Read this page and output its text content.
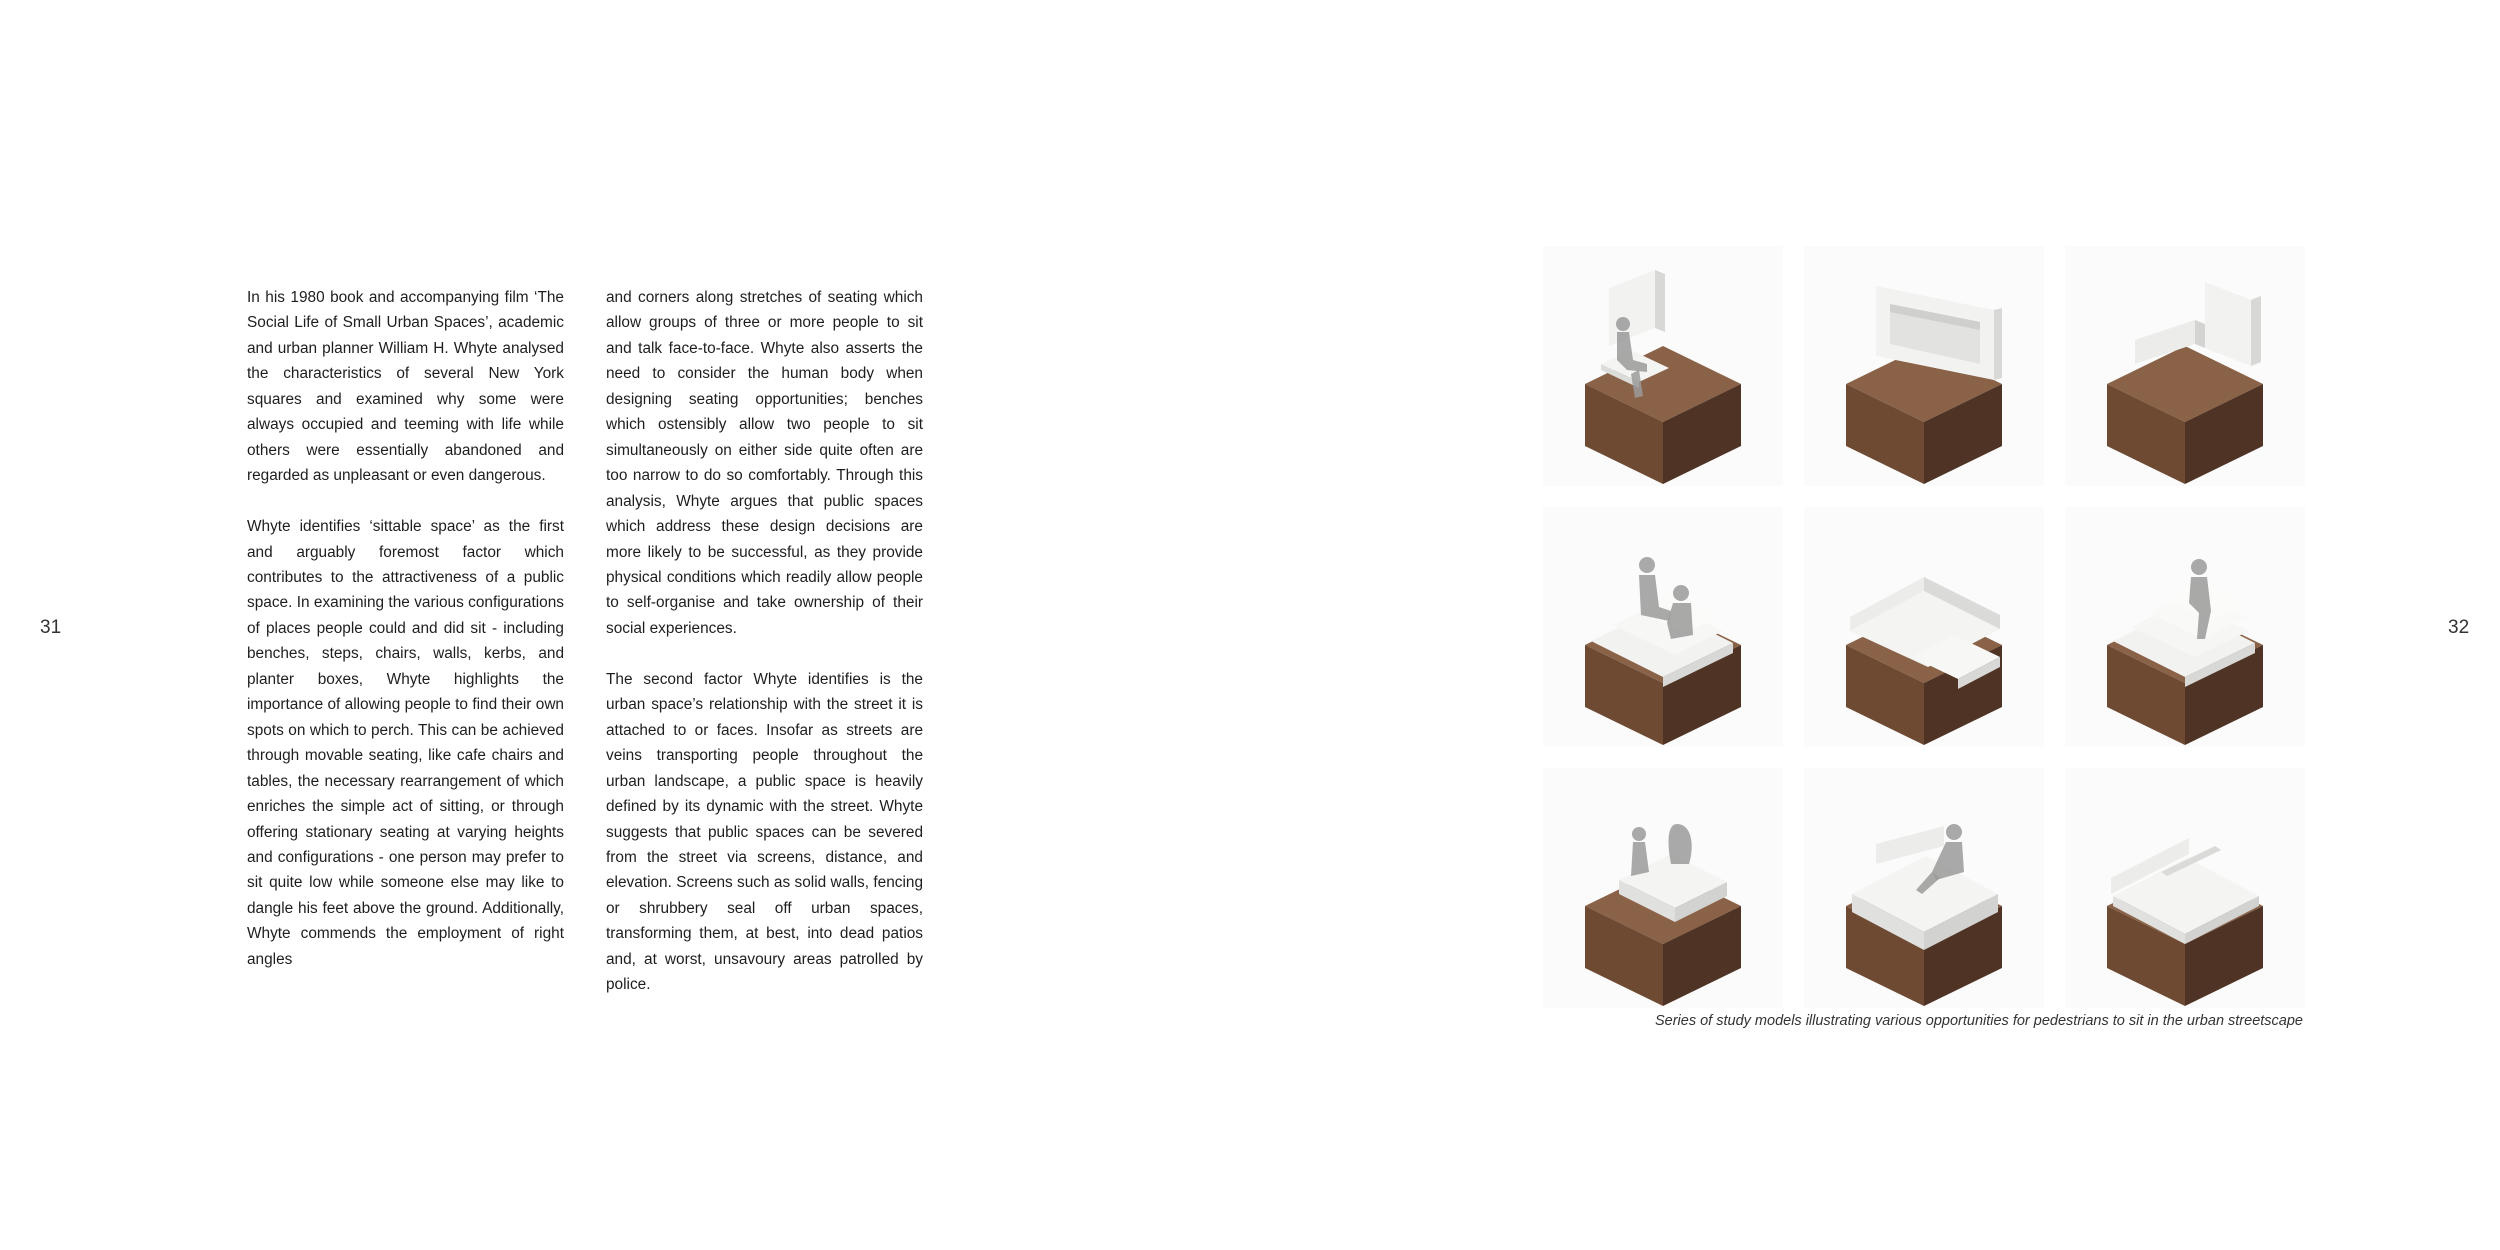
31	32

In his 1980 book and accompanying film ‘The Social Life of Small Urban Spaces’, academic and urban planner William H. Whyte analysed the characteristics of several New York squares and examined why some were always occupied and teeming with life while others were essentially abandoned and regarded as unpleasant or even dangerous.

Whyte identifies ‘sittable space’ as the first and arguably foremost factor which contributes to the attractiveness of a public space. In examining the various configurations of places people could and did sit - including benches, steps, chairs, walls, kerbs, and planter boxes, Whyte highlights the importance of allowing people to find their own spots on which to perch. This can be achieved through movable seating, like cafe chairs and tables, the necessary rearrangement of which enriches the simple act of sitting, or through offering stationary seating at varying heights and configurations - one person may prefer to sit quite low while someone else may like to dangle his feet above the ground. Additionally, Whyte commends the employment of right angles

and corners along stretches of seating which allow groups of three or more people to sit and talk face-to-face. Whyte also asserts the need to consider the human body when designing seating opportunities; benches which ostensibly allow two people to sit simultaneously on either side quite often are too narrow to do so comfortably. Through this analysis, Whyte argues that public spaces which address these design decisions are more likely to be successful, as they provide physical conditions which readily allow people to self-organise and take ownership of their social experiences.

The second factor Whyte identifies is the urban space’s relationship with the street it is attached to or faces. Insofar as streets are veins transporting people throughout the urban landscape, a public space is heavily defined by its dynamic with the street. Whyte suggests that public spaces can be severed from the street via screens, distance, and elevation. Screens such as solid walls, fencing or shrubbery seal off urban spaces, transforming them, at best, into dead patios and, at worst, unsavoury areas patrolled by police.

Series of study models illustrating various opportunities for pedestrians to sit in the urban streetscape
